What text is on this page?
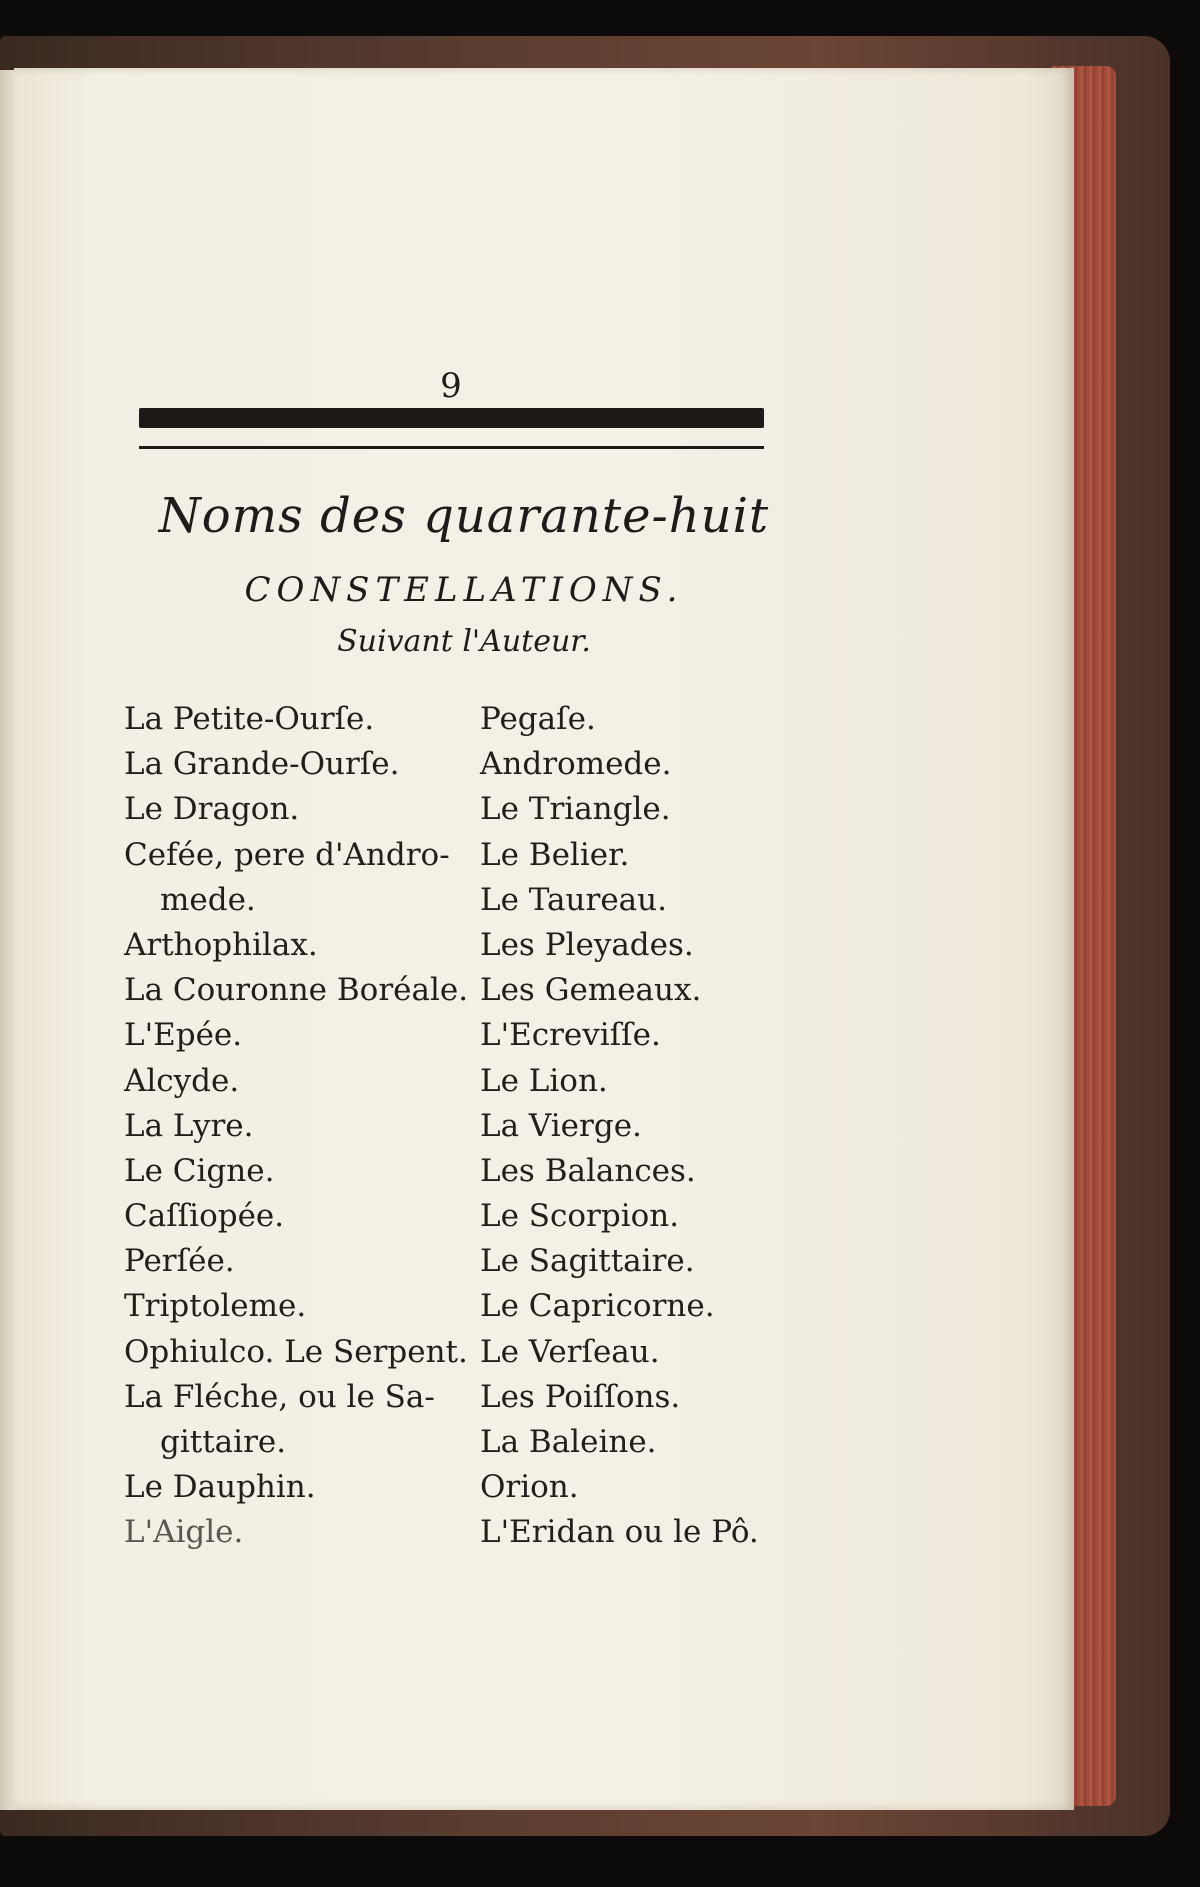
9
Noms des quarante-huit
CONSTELLATIONS.
Suivant l'Auteur.
La Petite-Ourſe.
La Grande-Ourſe.
Le Dragon.
Ceféе, pere d'Andro-
mede.
Arthophilax.
La Couronne Boréale.
L'Epée.
Alcyde.
La Lyre.
Le Cigne.
Caſſiopée.
Perſée.
Triptoleme.
Ophiulco. Le Serpent.
La Fléche, ou le Sa-
gittaire.
Le Dauphin.
L'Aigle.
Pegaſe.
Andromede.
Le Triangle.
Le Belier.
Le Taureau.
Les Pleyades.
Les Gemeaux.
L'Ecreviſſe.
Le Lion.
La Vierge.
Les Balances.
Le Scorpion.
Le Sagittaire.
Le Capricorne.
Le Verſeau.
Les Poiſſons.
La Baleine.
Orion.
L'Eridan ou le Pô.
